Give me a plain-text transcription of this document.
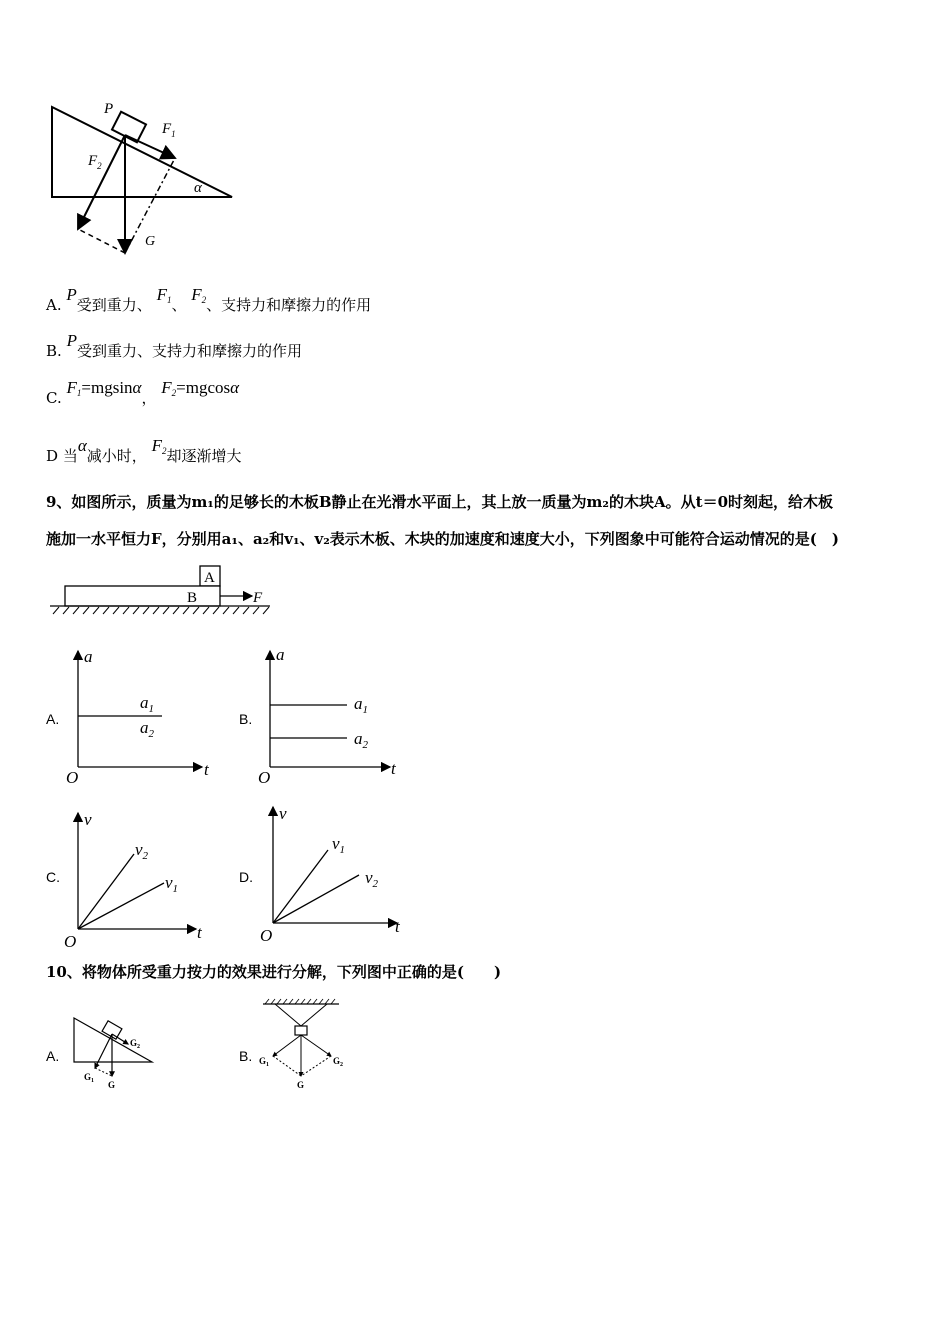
P
$F_1$
$F_2$
G
α
A. P受到重力、 F1、 F2、支持力和摩擦力的作用
B. P受到重力、支持力和摩擦力的作用
C. F1=mgsinα， F2=mgcosα
D 当α减小时， F2却逐渐增大
9、如图所示，质量为m₁的足够长的木板B静止在光滑水平面上，其上放一质量为m₂的木块A。从t＝0时刻起，给木板
施加一水平恒力F，分别用a₁、a₂和v₁、v₂表示木板、木块的加速度和速度大小，下列图象中可能符合运动情况的是(　)
A
B	F
A.
a
t
O
$a_1$
$a_2$
B.
a
t
O
$a_1$
$a_2$
C.
v
t
O
$v_2$
$v_1$
D.
v
t
O
$v_1$
$v_2$
10、将物体所受重力按力的效果进行分解，下列图中正确的是(　　)
A.
$G_2$
$G_1$ G
B. $G_1$	$G_2$
G
